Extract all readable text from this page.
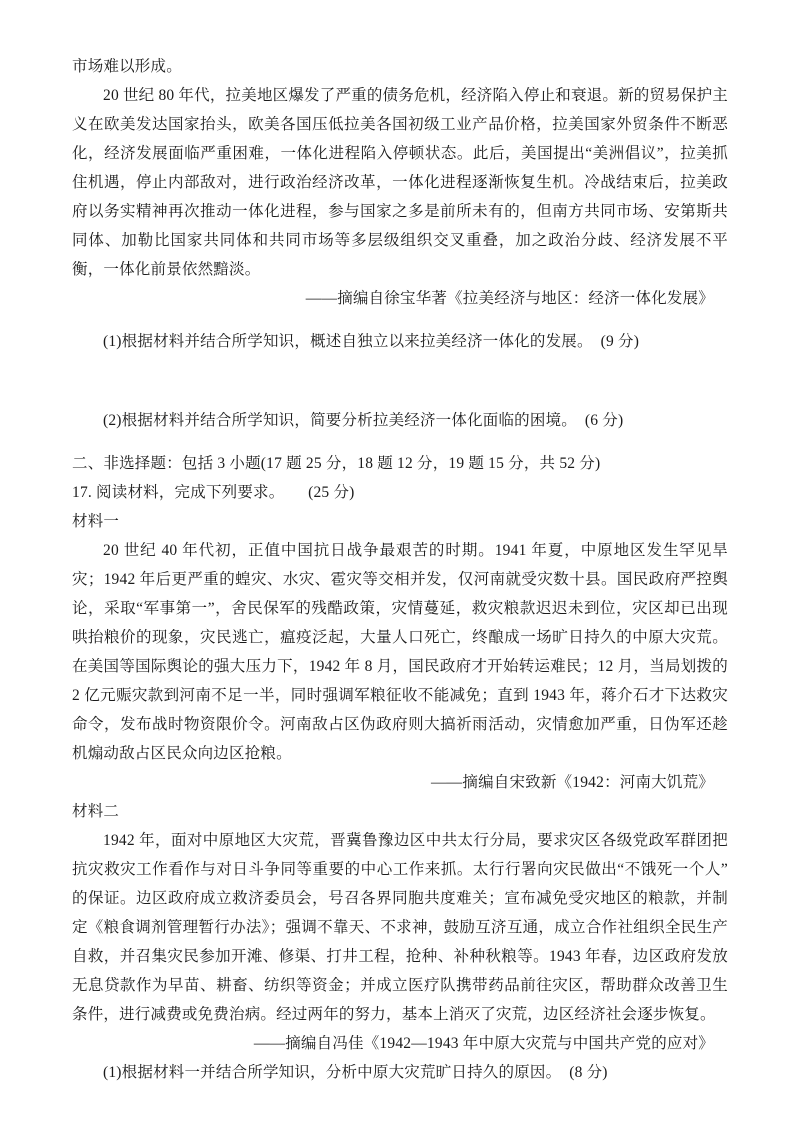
市场难以形成。

20 世纪 80 年代，拉美地区爆发了严重的债务危机，经济陷入停止和衰退。新的贸易保护主义在欧美发达国家抬头，欧美各国压低拉美各国初级工业产品价格，拉美国家外贸条件不断恶化，经济发展面临严重困难，一体化进程陷入停顿状态。此后，美国提出“美洲倡议”，拉美抓住机遇，停止内部敌对，进行政治经济改革，一体化进程逐渐恢复生机。冷战结束后，拉美政府以务实精神再次推动一体化进程，参与国家之多是前所未有的，但南方共同市场、安第斯共同体、加勒比国家共同体和共同市场等多层级组织交叉重叠，加之政治分歧、经济发展不平衡，一体化前景依然黯淡。

——摘编自徐宝华著《拉美经济与地区：经济一体化发展》

(1)根据材料并结合所学知识，概述自独立以来拉美经济一体化的发展。　(9 分)

(2)根据材料并结合所学知识，简要分析拉美经济一体化面临的困境。　(6 分)

二、非选择题：包括 3 小题(17 题 25 分，18 题 12 分，19 题 15 分，共 52 分)

17. 阅读材料，完成下列要求。　　(25 分)

材料一

20 世纪 40 年代初，正值中国抗日战争最艰苦的时期。1941 年夏，中原地区发生罕见旱灾；1942 年后更严重的蝗灾、水灾、雹灾等交相并发，仅河南就受灾数十县。国民政府严控舆论，采取“军事第一”，舍民保军的残酷政策，灾情蔓延，救灾粮款迟迟未到位，灾区却已出现哄抬粮价的现象，灾民逃亡，瘟疫泛起，大量人口死亡，终酿成一场旷日持久的中原大灾荒。在美国等国际舆论的强大压力下，1942 年 8 月，国民政府才开始转运难民；12 月，当局划拨的 2 亿元赈灾款到河南不足一半，同时强调军粮征收不能减免；直到 1943 年，蒋介石才下达救灾命令，发布战时物资限价令。河南敌占区伪政府则大搞祈雨活动，灾情愈加严重，日伪军还趁机煽动敌占区民众向边区抢粮。

——摘编自宋致新《1942：河南大饥荒》

材料二

1942 年，面对中原地区大灾荒，晋冀鲁豫边区中共太行分局，要求灾区各级党政军群团把抗灾救灾工作看作与对日斗争同等重要的中心工作来抓。太行行署向灾民做出“不饿死一个人”的保证。边区政府成立救济委员会，号召各界同胞共度难关；宣布减免受灾地区的粮款，并制定《粮食调剂管理暂行办法》；强调不靠天、不求神，鼓励互济互通，成立合作社组织全民生产自救，并召集灾民参加开滩、修渠、打井工程，抢种、补种秋粮等。1943 年春，边区政府发放无息贷款作为早苗、耕畜、纺织等资金；并成立医疗队携带药品前往灾区，帮助群众改善卫生条件，进行减费或免费治病。经过两年的努力，基本上消灭了灾荒，边区经济社会逐步恢复。

——摘编自冯佳《1942—1943 年中原大灾荒与中国共产党的应对》

(1)根据材料一并结合所学知识，分析中原大灾荒旷日持久的原因。　(8 分)
